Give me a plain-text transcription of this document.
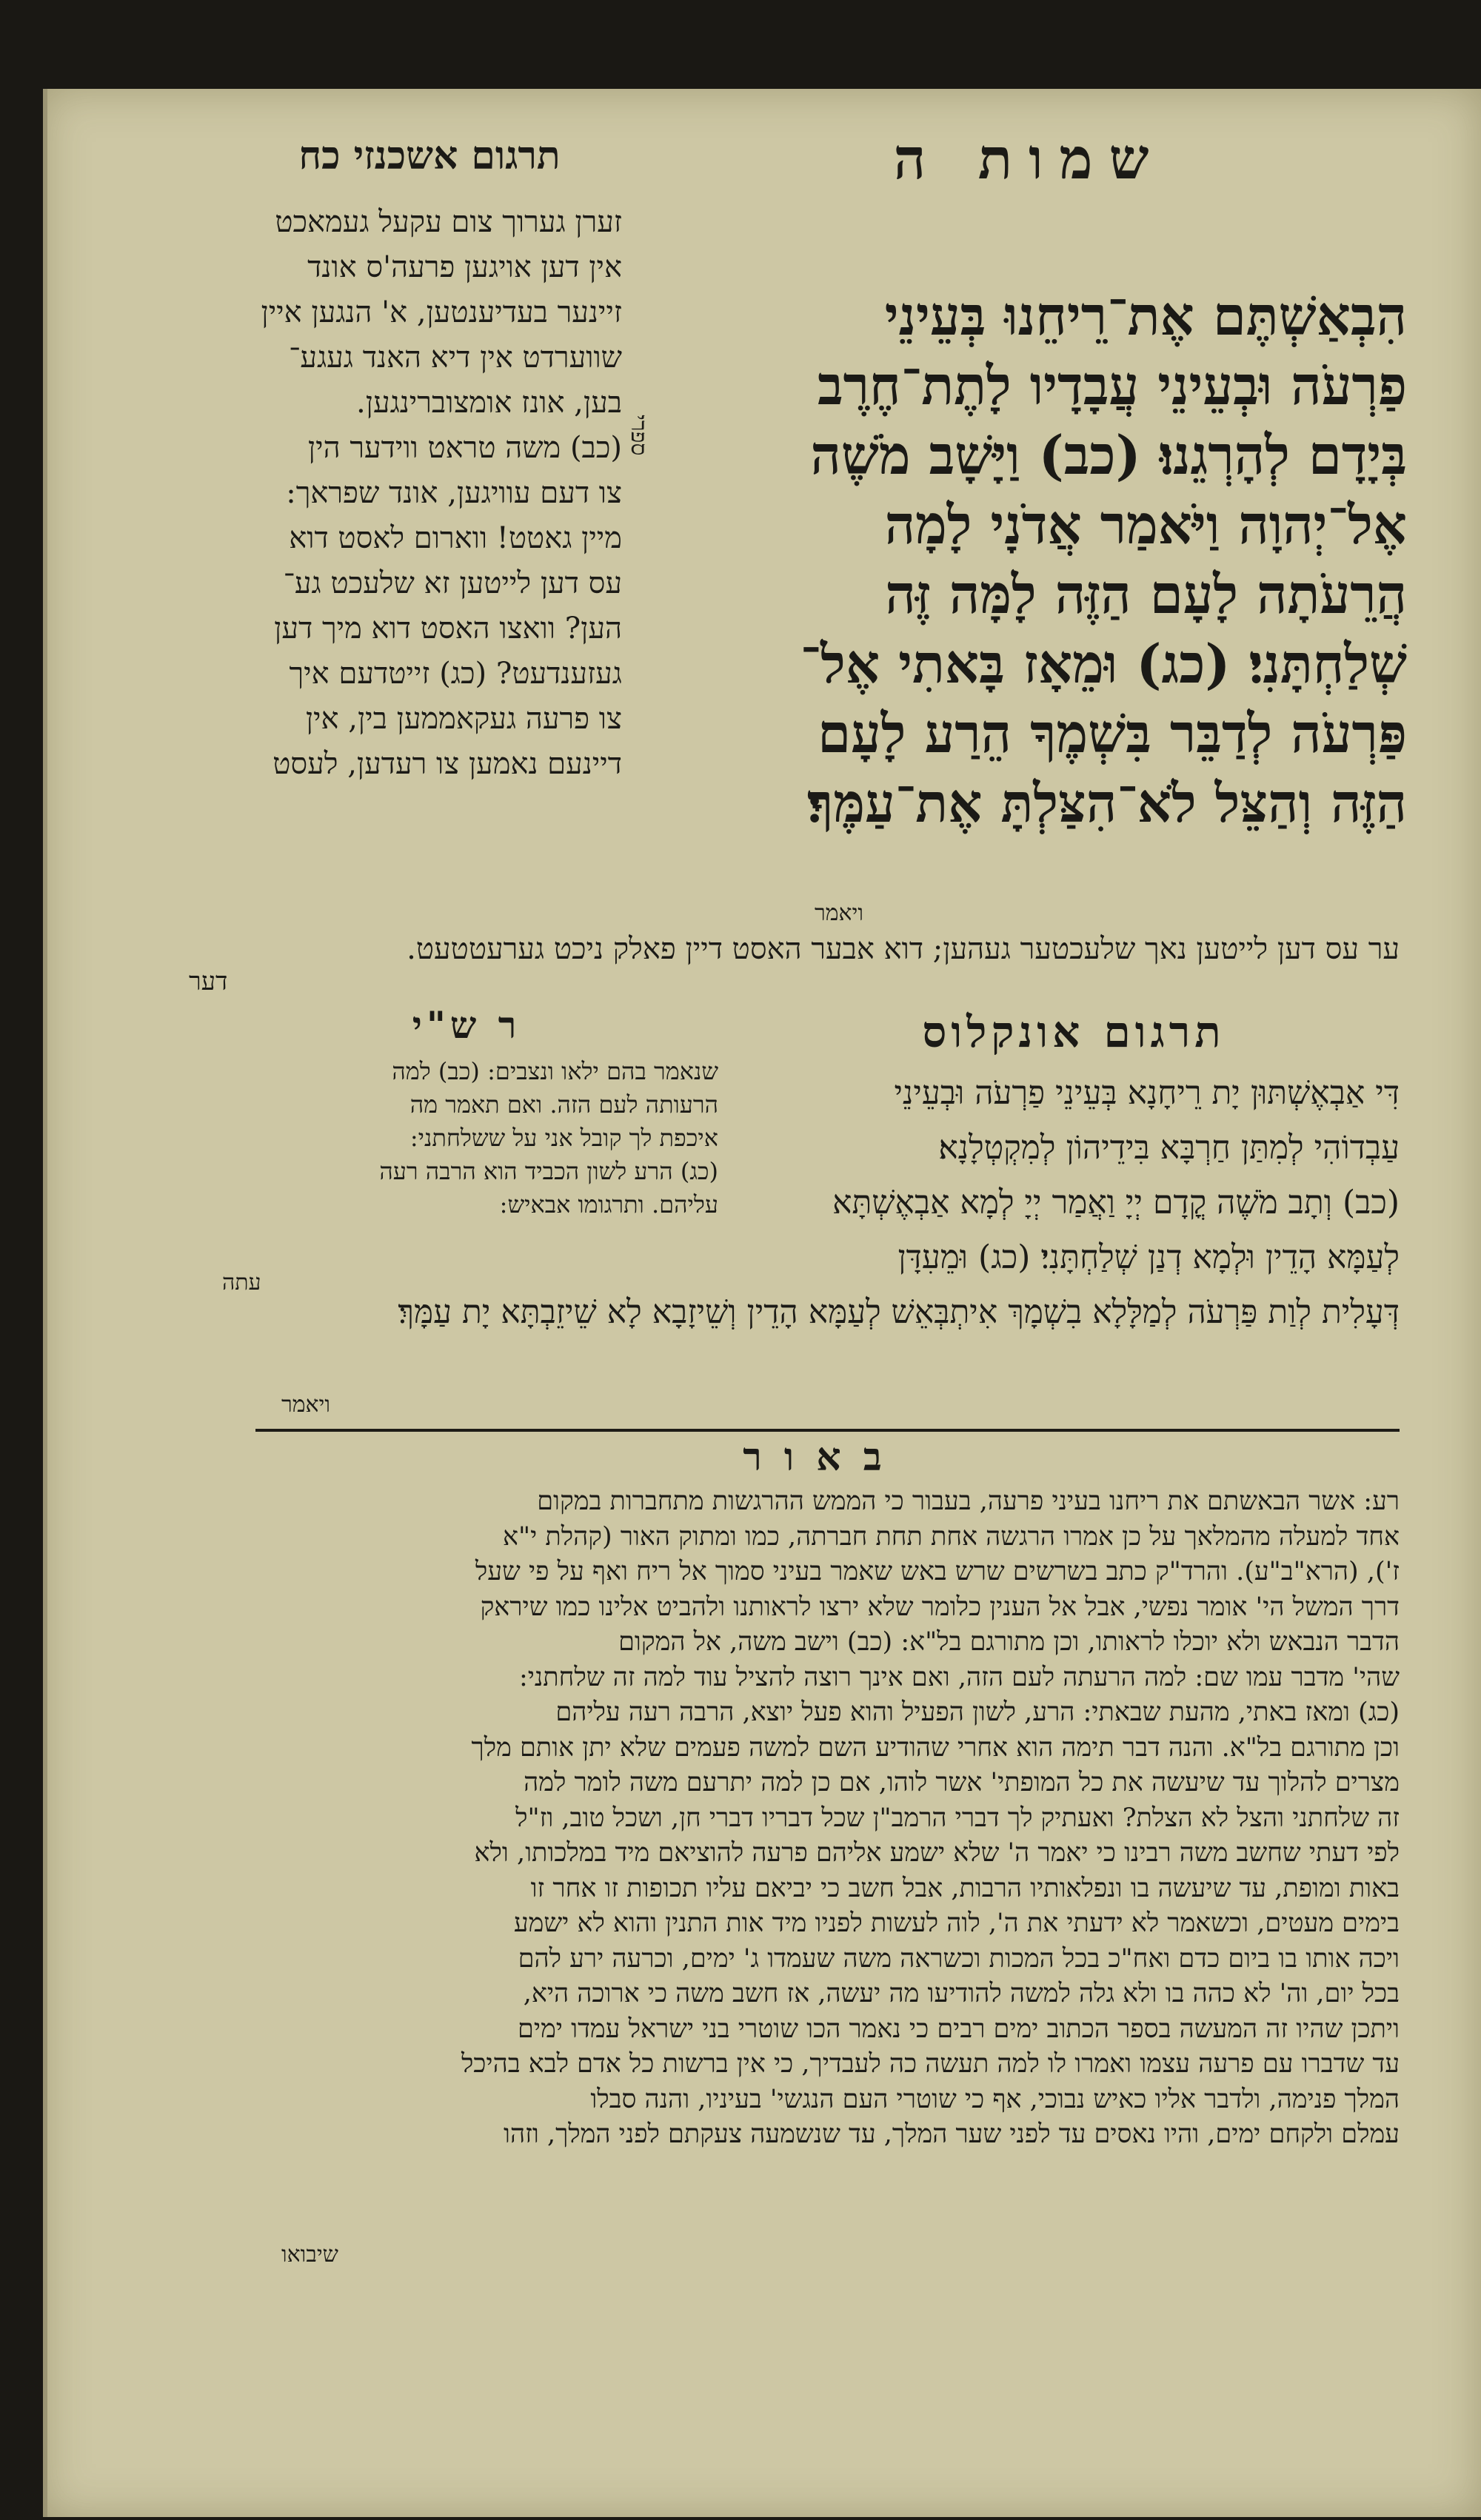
תרגום אשכנזי כח	שמות ה
זערן גערוך צום עקעל געמאכט
אין דען אויגען פרעה'ס אונד
זיינער בעדיענטען, א' הנגען איין
שווערדט אין דיא האנד געגע־
בען, אונז אומצוברינגען.
(כב) משה טראט ווידער הין
צו דעם עוויגען, אונד שפראך:
מיין גאטט! ווארום לאסט דוא
עס דען לייטען זא שלעכט גע־
הען? וואצו האסט דוא מיך דען
געזענדעט? (כג) זייטדעם איך
צו פרעה געקאממען בין, אין
דיינעם נאמען צו רעדען, לעסט
ספרי
הִבְאַשְׁתֶּם אֶת־רֵיחֵנוּ בְּעֵינֵי
פַרְעֹה וּבְעֵינֵי עֲבָדָיו לָתֶת־חֶרֶב
בְּיָדָם לְהָרְגֵנוּ׃ (כב) וַיָּשָׁב מֹשֶׁה
אֶל־יְהוָה וַיֹּאמַר אֲדֹנָי לָמָה
הֲרֵעֹתָה לָעָם הַזֶּה לָמָּה זֶּה
שְׁלַחְתָּנִי׃ (כג) וּמֵאָז בָּאתִי אֶל־
פַּרְעֹה לְדַבֵּר בִּשְׁמֶךָ הֵרַע לָעָם
הַזֶּה וְהַצֵּל לֹא־הִצַּלְתָּ אֶת־עַמֶּךָ׃
ויאמר
ער עס דען לייטען נאך שלעכטער געהען; דוא אבער האסט דיין פאלק ניכט גערעטטעט.
דער
תרגום אונקלוס
ר ש"י
שנאמר בהם ילאו ונצבים: (כב) למה
הרעותה לעם הזה. ואם תאמר מה
איכפת לך קובל אני על ששלחתני:
(כג) הרע לשון הכביד הוא הרבה רעה
עליהם. ותרגומו אבאיש:
דִּי אַבְאֶשְׁתּוּן יָת רֵיחָנָא בְּעֵינֵי פַרְעֹה וּבְעֵינֵי
עַבְדוֹהִי לְמִתַּן חַרְבָּא בִּידֵיהוֹן לְמִקְטְלָנָא׃
(כב) וְתָב מֹשֶׁה קֳדָם יְיָ וַאֲמַר יְיָ לְמָא אַבְאֶשְׁתָּא
לְעַמָּא הָדֵין וּלְמָא דְנַן שְׁלַחְתָּנִי׃ (כג) וּמֵעִדָּן
דְּעָלִית לְוַת פַּרְעֹה לְמַלָּלָא בִשְׁמָךְ אִיתְבְּאֵשׁ לְעַמָּא הָדֵין וְשֵׁיזָבָא לָא שֵׁיזֵבְתָּא יָת עַמָּךְ׃
עתה
ויאמר
ב א ו ר
רע: אשר הבאשתם את ריחנו בעיני פרעה, בעבור כי הממש ההרגשות מתחברות במקום
אחד למעלה מהמלאך על כן אמרו הרגשה אחת תחת חברתה, כמו ומתוק האור (קהלת י"א
ז'), (הרא"ב"ע). והרד"ק כתב בשרשים שרש באש שאמר בעיני סמוך אל ריח ואף על פי שעל
דרך המשל הי' אומר נפשי, אבל אל הענין כלומר שלא ירצו לראותנו ולהביט אלינו כמו שיראק
הדבר הנבאש ולא יוכלו לראותו, וכן מתורגם בל"א: (כב) וישב משה, אל המקום
שהי' מדבר עמו שם: למה הרעתה לעם הזה, ואם אינך רוצה להציל עוד למה זה שלחתני:
(כג) ומאז באתי, מהעת שבאתי: הרע, לשון הפעיל והוא פעל יוצא, הרבה רעה עליהם
וכן מתורגם בל"א. והנה דבר תימה הוא אחרי שהודיע השם למשה פעמים שלא יתן אותם מלך
מצרים להלוך עד שיעשה את כל המופתי' אשר לוהו, אם כן למה יתרעם משה לומר למה
זה שלחתני והצל לא הצלת? ואעתיק לך דברי הרמב"ן שכל דבריו דברי חן, ושכל טוב, וז"ל
לפי דעתי שחשב משה רבינו כי יאמר ה' שלא ישמע אליהם פרעה להוציאם מיד במלכותו, ולא
באות ומופת, עד שיעשה בו ונפלאותיו הרבות, אבל חשב כי יביאם עליו תכופות זו אחר זו
בימים מעטים, וכשאמר לא ידעתי את ה', לוה לעשות לפניו מיד אות התנין והוא לא ישמע
ויכה אותו בו ביום כדם ואח"כ בכל המכות וכשראה משה שעמדו ג' ימים, וכרעה ירע להם
בכל יום, וה' לא כהה בו ולא גלה למשה להודיעו מה יעשה, אז חשב משה כי ארוכה היא,
ויתכן שהיו זה המעשה בספר הכתוב ימים רבים כי נאמר הכו שוטרי בני ישראל עמדו ימים
עד שדברו עם פרעה עצמו ואמרו לו למה תעשה כה לעבדיך, כי אין ברשות כל אדם לבא בהיכל
המלך פנימה, ולדבר אליו כאיש נבוכי, אף כי שוטרי העם הנגשי' בעיניו, והנה סבלו
עמלם ולקחם ימים, והיו נאסים עד לפני שער המלך, עד שנשמעה צעקתם לפני המלך, וזהו
שיבואו
